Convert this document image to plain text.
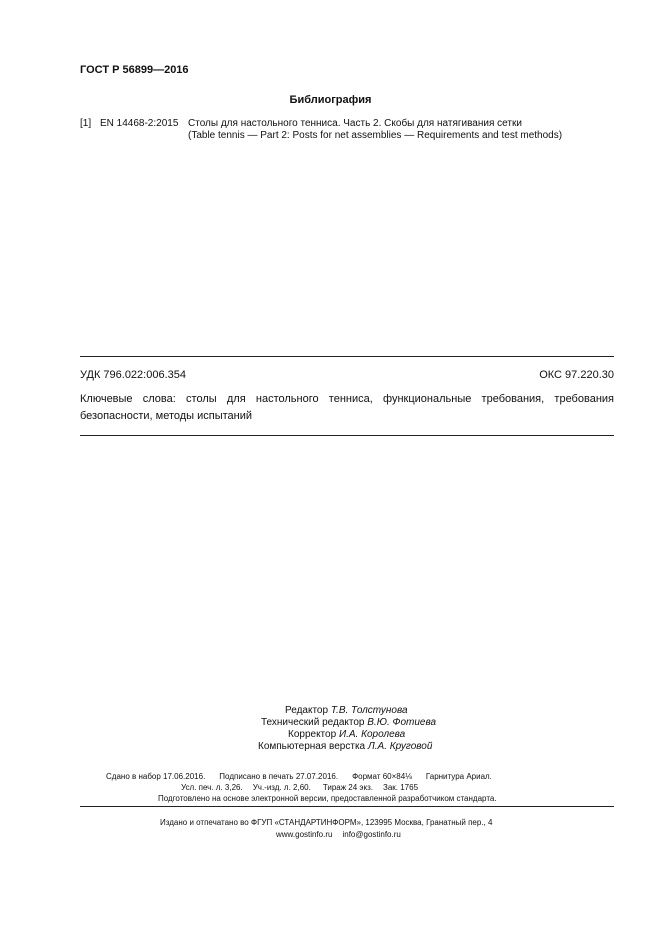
ГОСТ Р 56899—2016
Библиография
[1] EN 14468-2:2015 Столы для настольного тенниса. Часть 2. Скобы для натягивания сетки
(Table tennis — Part 2: Posts for net assemblies — Requirements and test methods)
УДК 796.022:006.354	ОКС 97.220.30
Ключевые слова: столы для настольного тенниса, функциональные требования, требования безопасности, методы испытаний
Редактор Т.В. Толстунова
Технический редактор В.Ю. Фотиева
Корректор И.А. Королева
Компьютерная верстка Л.А. Круговой
Сдано в набор 17.06.2016. Подписано в печать 27.07.2016. Формат 60×84⅛ Гарнитура Ариал.
Усл. печ. л. 3,26. Уч.-изд. л. 2,60. Тираж 24 экз. Зак. 1765
Подготовлено на основе электронной версии, предоставленной разработчиком стандарта.
Издано и отпечатано во ФГУП «СТАНДАРТИНФОРМ», 123995 Москва, Гранатный пер., 4
www.gostinfo.ru info@gostinfo.ru
